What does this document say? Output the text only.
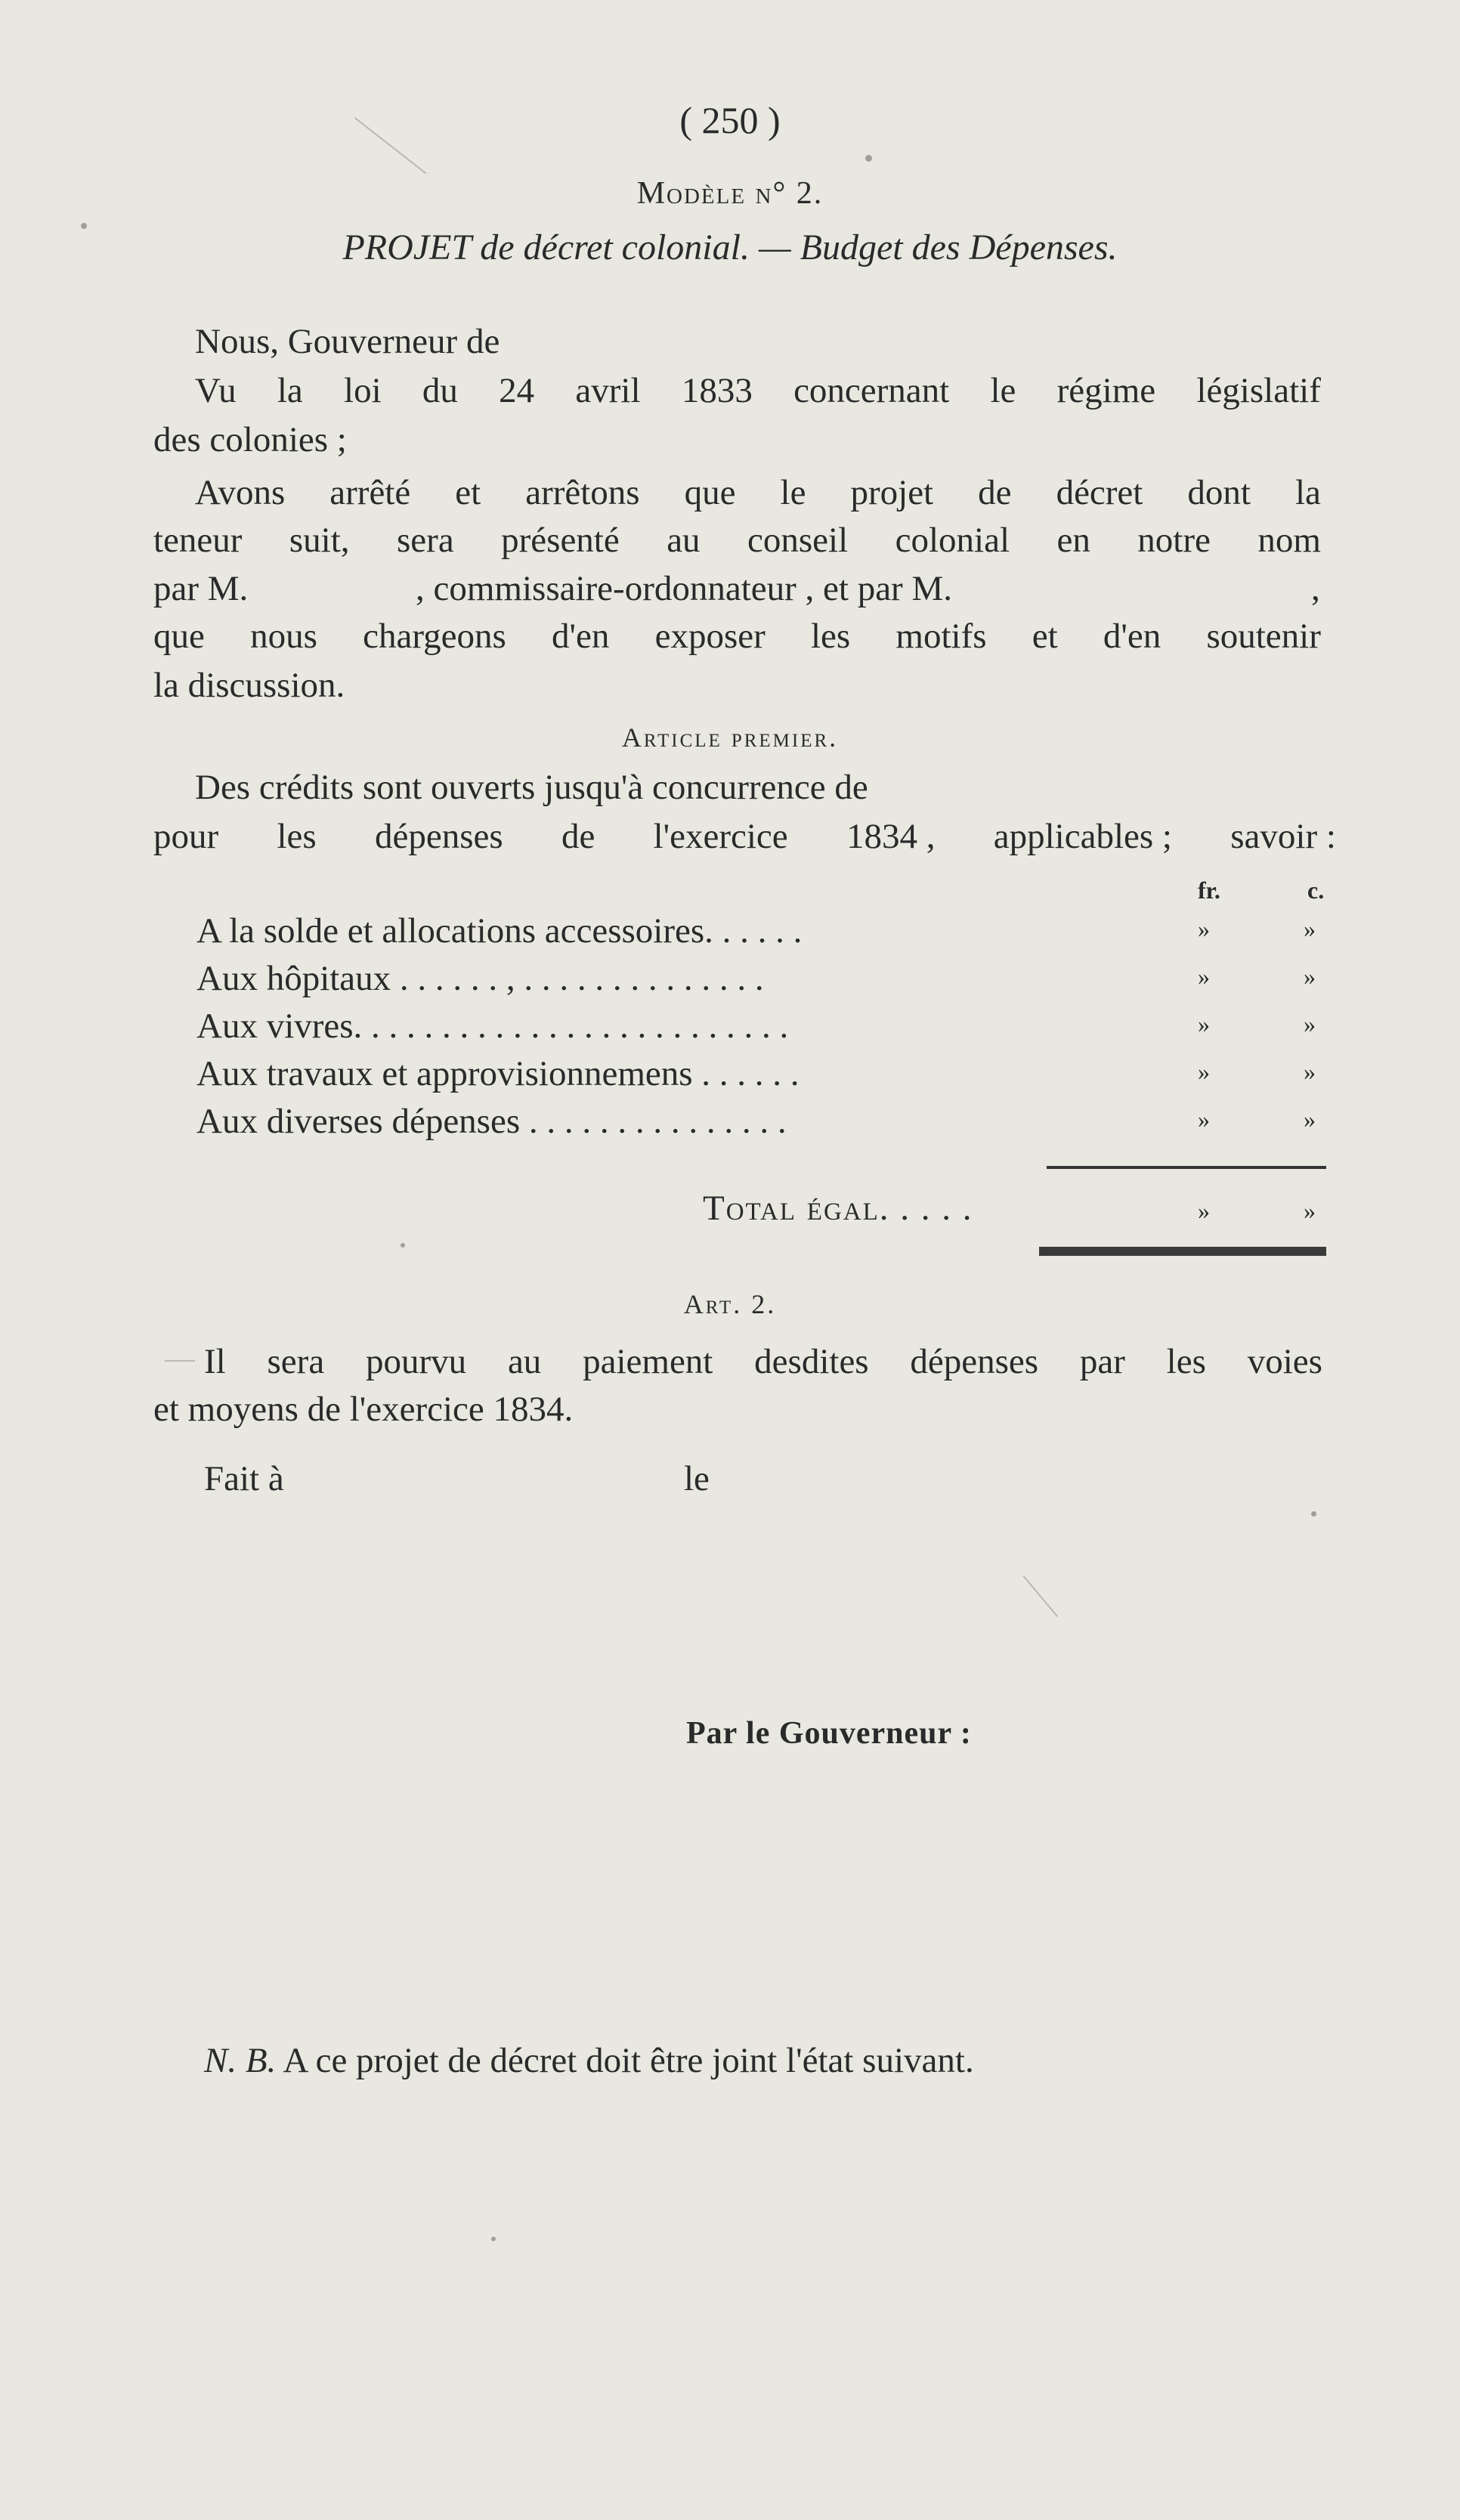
( 250 )
Modèle n° 2.
PROJET de décret colonial. — Budget des Dépenses.
Nous, Gouverneur de
Vu la loi du 24 avril 1833 concernant le régime législatif
des colonies ;
Avons arrêté et arrêtons que le projet de décret dont la
teneur suit, sera présenté au conseil colonial en notre nom
par M.	, commissaire-ordonnateur , et par M.	,
que nous chargeons d'en exposer les motifs et d'en soutenir
la discussion.
Article premier.
Des crédits sont ouverts jusqu'à concurrence de
pour les dépenses de l'exercice 1834 , applicables ; savoir :
fr.	c.
A la solde et allocations accessoires. . . . . .	»	»
Aux hôpitaux . . . . . . , . . . . . . . . . . . . . .	»	»
Aux vivres. . . . . . . . . . . . . . . . . . . . . . . . .	»	»
Aux travaux et approvisionnemens . . . . . .	»	»
Aux diverses dépenses . . . . . . . . . . . . . . .	»	»
Total égal. . . . .	»	»
Art. 2.
Il sera pourvu au paiement desdites dépenses par les voies
et moyens de l'exercice 1834.
Fait à	le
Par le Gouverneur :
N. B. A ce projet de décret doit être joint l'état suivant.
